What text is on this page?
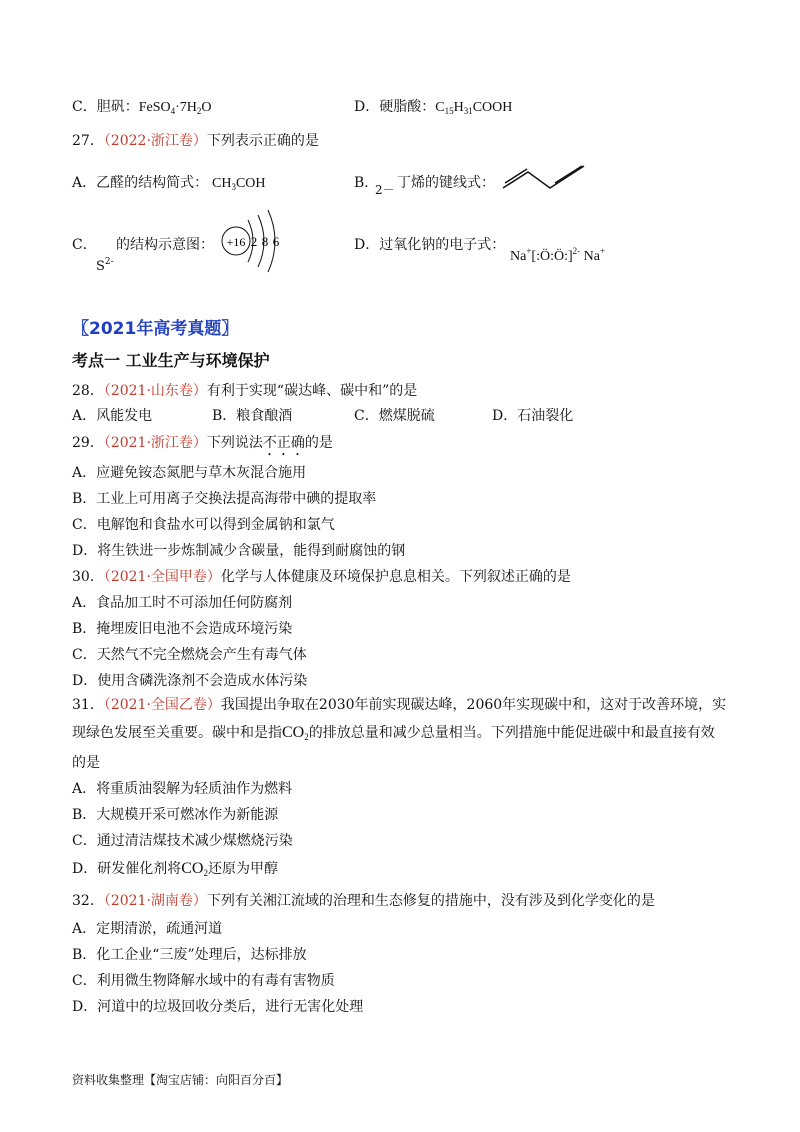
C．胆矾：$FeSO_4\cdot 7H_2O$	D．硬脂酸：$C_{15}H_{31}COOH$
27．（2022·浙江卷）下列表示正确的是
A．乙醛的结构简式： $CH_3COH$	B．
2－ 丁烯的键线式：
C． 的结构示意图：
$S^{2-}$
+16 2 8 6	D．过氧化钠的电子式：
Na+[:Ö:Ö:]$^{2-}$ Na+
〖2021年高考真题〗
考点一 工业生产与环境保护
28．（2021·山东卷）有利于实现“碳达峰、碳中和”的是
A．风能发电	B．粮食酿酒	C．燃煤脱硫	D．石油裂化
29．（2021·浙江卷）下列说法不正确的是
A．应避免铵态氮肥与草木灰混合施用
B．工业上可用离子交换法提高海带中碘的提取率
C．电解饱和食盐水可以得到金属钠和氯气
D．将生铁进一步炼制减少含碳量，能得到耐腐蚀的钢
30．（2021·全国甲卷）化学与人体健康及环境保护息息相关。下列叙述正确的是
A．食品加工时不可添加任何防腐剂
B．掩埋废旧电池不会造成环境污染
C．天然气不完全燃烧会产生有毒气体
D．使用含磷洗涤剂不会造成水体污染
31．（2021·全国乙卷）我国提出争取在2030年前实现碳达峰，2060年实现碳中和，这对于改善环境，实
现绿色发展至关重要。碳中和是指$CO_2$的排放总量和减少总量相当。下列措施中能促进碳中和最直接有效
的是
A．将重质油裂解为轻质油作为燃料
B．大规模开采可燃冰作为新能源
C．通过清洁煤技术减少煤燃烧污染
D．研发催化剂将$CO_2$还原为甲醇
32．（2021·湖南卷）下列有关湘江流域的治理和生态修复的措施中，没有涉及到化学变化的是
A．定期清淤，疏通河道
B．化工企业“三废”处理后，达标排放
C．利用微生物降解水域中的有毒有害物质
D．河道中的垃圾回收分类后，进行无害化处理
资料收集整理【淘宝店铺：向阳百分百】
